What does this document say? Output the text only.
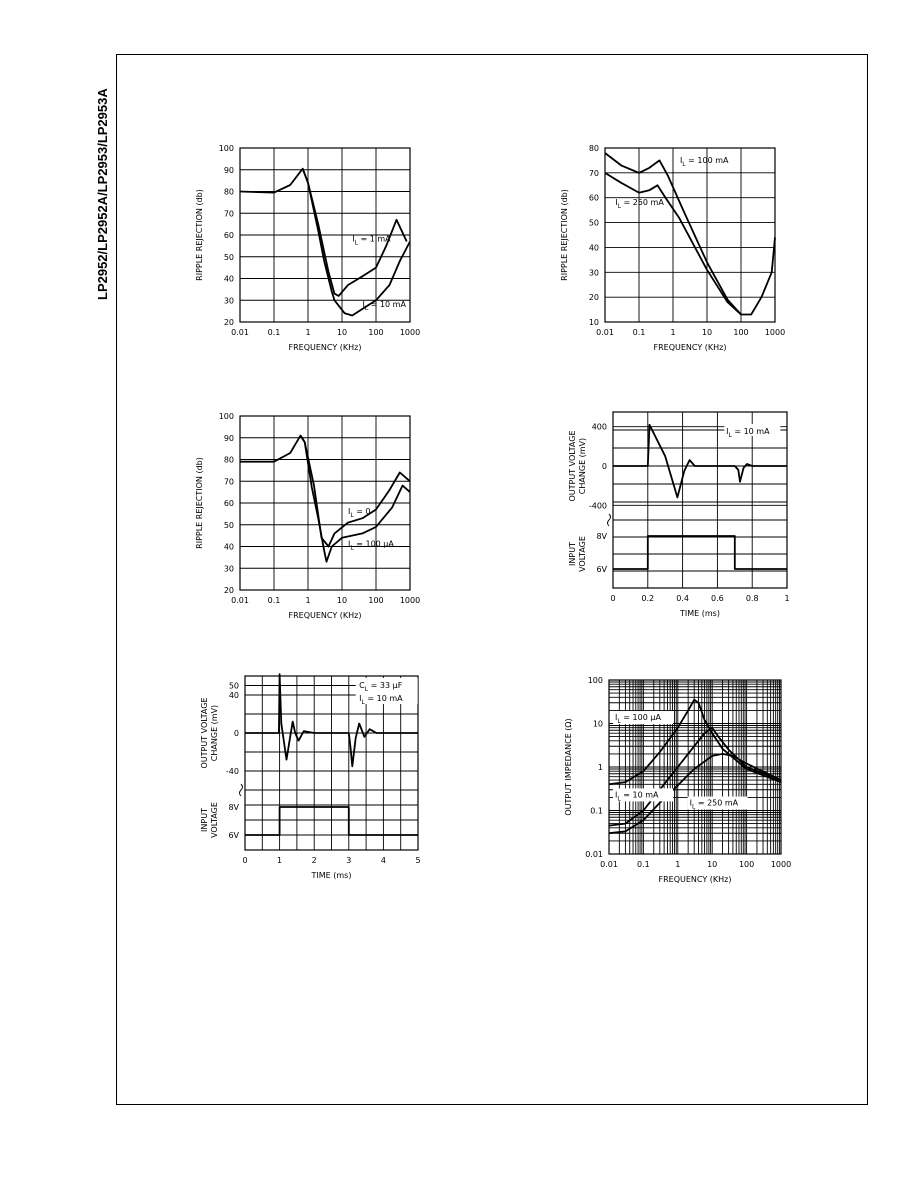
LP2952/LP2952A/LP2953/LP2953A
0.01 0.1	1	10	100 1000
20
30
40
50
60
70
80
90
100
FREQUENCY (KHz)
RIPPLE REJECTION (db)	$I_L = 1$ mA
$I_L = 10$ mA
0.01 0.1	1	10	100 1000
10
20
30
40
50
60
70
80
FREQUENCY (KHz)
RIPPLE REJECTION (db)
$I_L = 100$ mA
$I_L = 250$ mA
0.01 0.1	1	10	100 1000
20
30
40
50
60
70
80
90
100
FREQUENCY (KHz)
RIPPLE REJECTION (db)	$I_L = 0$
$I_L = 100$ μA
0	0.2	0.4	0.6	0.8	1
400
0
-400
8V
6V
TIME (ms)
OUTPUT VOLTAGE CHANGE (mV)
INPUT VOLTAGE
$I_L = 10$ mA
0	1	2	3	4	5
50
40
0
-40
8V
6V
TIME (ms)
OUTPUT VOLTAGE CHANGE (mV)
INPUT VOLTAGE
$C_L = 33$ μF
$I_L = 10$ mA
0.01 0.1	1	10	100 1000
0.01
0.1
1
10
100
FREQUENCY (KHz)
OUTPUT IMPEDANCE (Ω)
$I_L = 100$ μA
$I_L = 10$ mA
$I_L = 250$ mA
